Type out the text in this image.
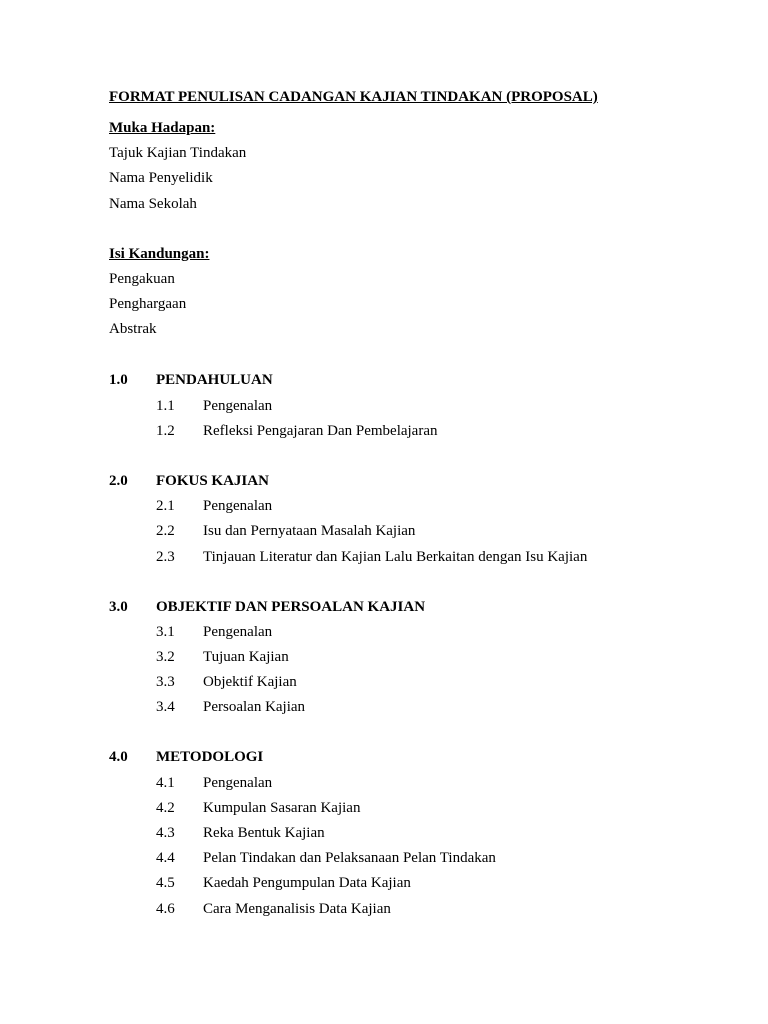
FORMAT PENULISAN CADANGAN KAJIAN TINDAKAN (PROPOSAL)
Muka Hadapan:
Tajuk Kajian Tindakan
Nama Penyelidik
Nama Sekolah
Isi Kandungan:
Pengakuan
Penghargaan
Abstrak
1.0 PENDAHULUAN
1.1 Pengenalan
1.2 Refleksi Pengajaran Dan Pembelajaran
2.0 FOKUS KAJIAN
2.1 Pengenalan
2.2 Isu dan Pernyataan Masalah Kajian
2.3 Tinjauan Literatur dan Kajian Lalu Berkaitan dengan Isu Kajian
3.0 OBJEKTIF DAN PERSOALAN KAJIAN
3.1 Pengenalan
3.2 Tujuan Kajian
3.3 Objektif Kajian
3.4 Persoalan Kajian
4.0 METODOLOGI
4.1 Pengenalan
4.2 Kumpulan Sasaran Kajian
4.3 Reka Bentuk Kajian
4.4 Pelan Tindakan dan Pelaksanaan Pelan Tindakan
4.5 Kaedah Pengumpulan Data Kajian
4.6 Cara Menganalisis Data Kajian
